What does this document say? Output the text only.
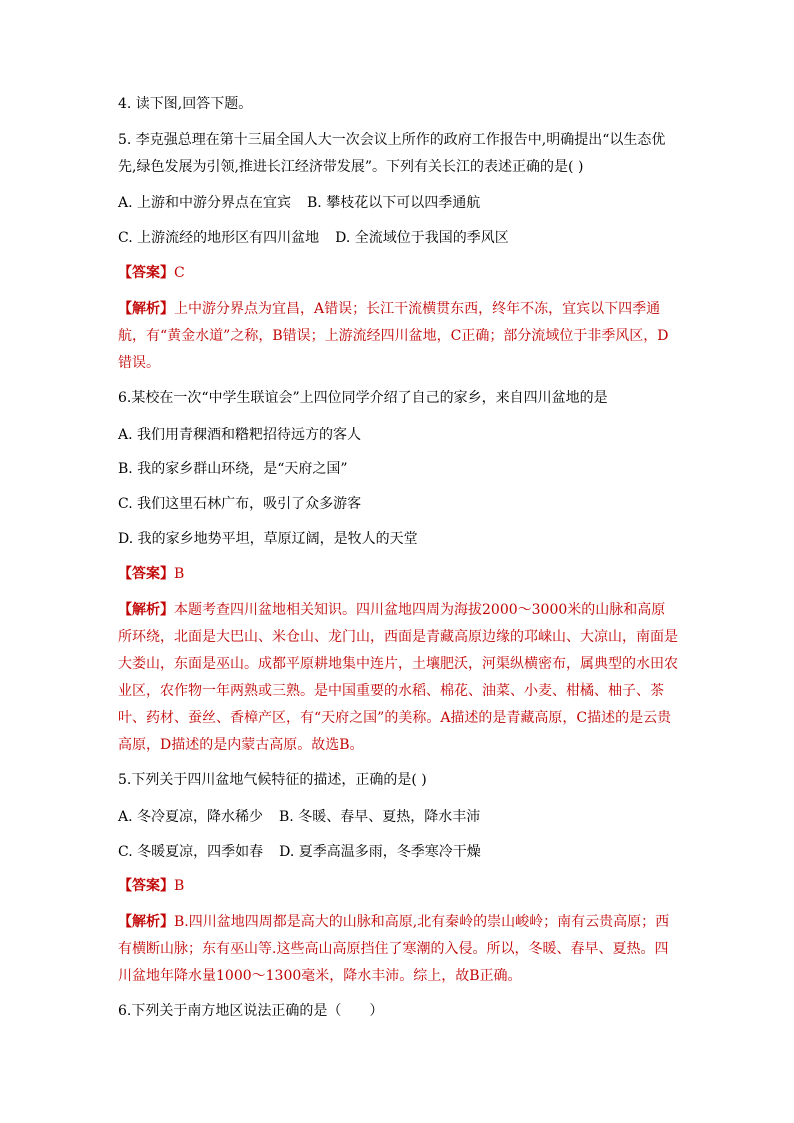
4. 读下图,回答下题。
5. 李克强总理在第十三届全国人大一次会议上所作的政府工作报告中,明确提出“以生态优
先,绿色发展为引领,推进长江经济带发展”。下列有关长江的表述正确的是( )
A. 上游和中游分界点在宜宾 B. 攀枝花以下可以四季通航
C. 上游流经的地形区有四川盆地 D. 全流域位于我国的季风区
【答案】C
【解析】上中游分界点为宜昌，A错误；长江干流横贯东西，终年不冻，宜宾以下四季通航，有“黄金水道”之称，B错误；上游流经四川盆地，C正确；部分流域位于非季风区，D错误。
6.某校在一次“中学生联谊会”上四位同学介绍了自己的家乡，来自四川盆地的是
A. 我们用青稞酒和糌粑招待远方的客人
B. 我的家乡群山环绕，是“天府之国”
C. 我们这里石林广布，吸引了众多游客
D. 我的家乡地势平坦，草原辽阔，是牧人的天堂
【答案】B
【解析】本题考查四川盆地相关知识。四川盆地四周为海拔2000～3000米的山脉和高原所环绕，北面是大巴山、米仓山、龙门山，西面是青藏高原边缘的邛崃山、大凉山，南面是大娄山，东面是巫山。成都平原耕地集中连片，土壤肥沃，河渠纵横密布，属典型的水田农业区，农作物一年两熟或三熟。是中国重要的水稻、棉花、油菜、小麦、柑橘、柚子、茶叶、药材、蚕丝、香樟产区，有“天府之国”的美称。A描述的是青藏高原，C描述的是云贵高原，D描述的是内蒙古高原。故选B。
5.下列关于四川盆地气候特征的描述，正确的是( )
A. 冬冷夏凉，降水稀少 B. 冬暖、春早、夏热，降水丰沛
C. 冬暖夏凉，四季如春 D. 夏季高温多雨，冬季寒冷干燥
【答案】B
【解析】B.四川盆地四周都是高大的山脉和高原,北有秦岭的崇山峻岭；南有云贵高原；西有横断山脉；东有巫山等.这些高山高原挡住了寒潮的入侵。所以，冬暖、春早、夏热。四川盆地年降水量1000～1300毫米，降水丰沛。综上，故B正确。
6.下列关于南方地区说法正确的是（　　）
